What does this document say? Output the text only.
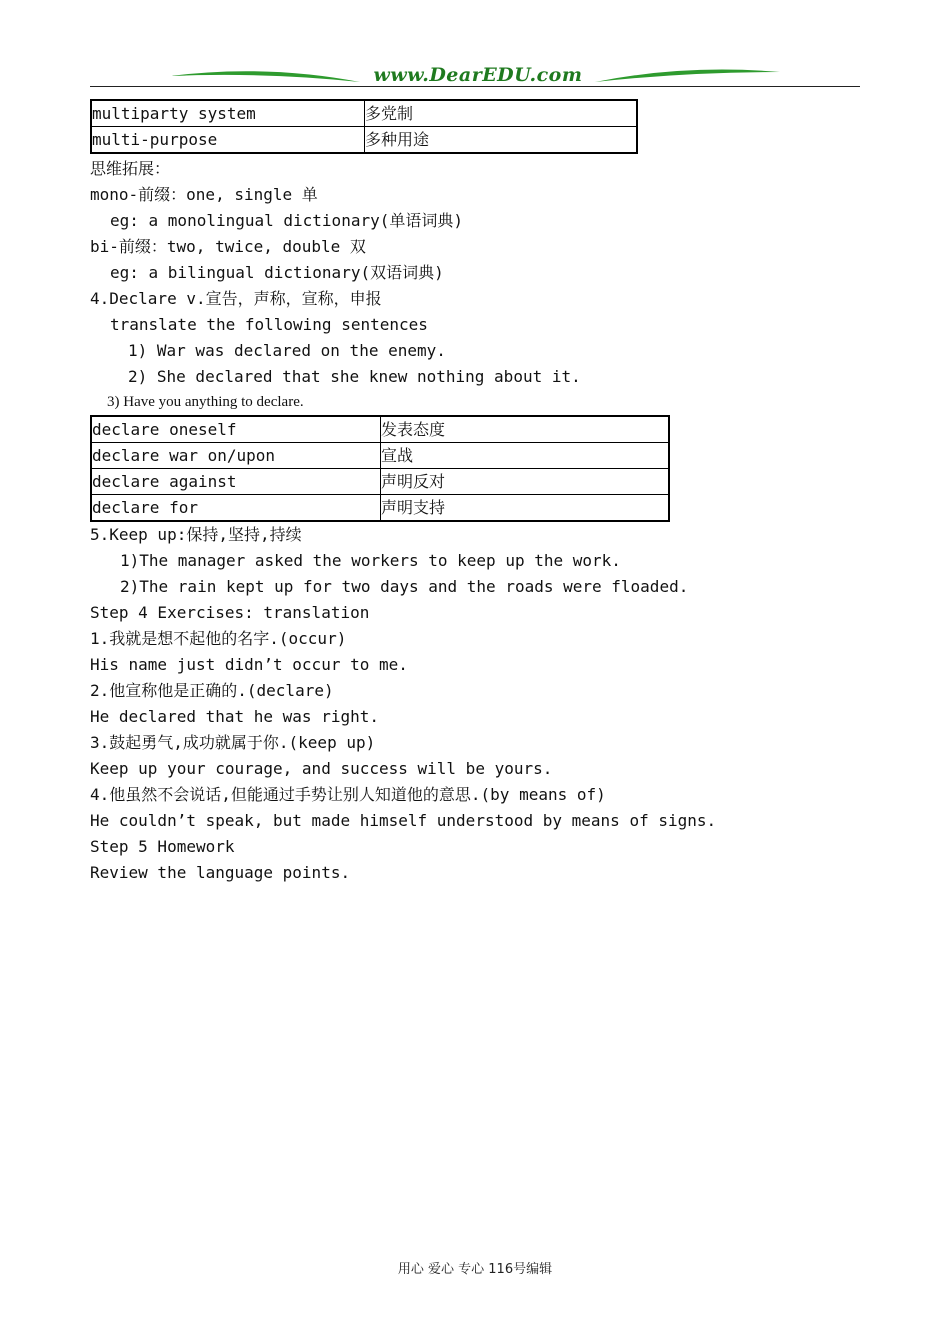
www.DearEDU.com
multiparty system	多党制
multi-purpose	多种用途
思维拓展：
mono-前缀：one, single 单
eg: a monolingual dictionary(单语词典)
bi-前缀：two, twice, double 双
eg: a bilingual dictionary(双语词典)
4.Declare v.宣告，声称，宣称，申报
translate the following sentences
1) War was declared on the enemy.
2) She declared that she knew nothing about it.
3) Have you anything to declare.
declare oneself	发表态度
declare war on/upon	宣战
declare against	声明反对
declare for	声明支持
5.Keep up:保持,坚持,持续
1)The manager asked the workers to keep up the work.
2)The rain kept up for two days and the roads were floaded.
Step 4 Exercises: translation
1.我就是想不起他的名字.(occur)
His name just didn’t occur to me.
2.他宣称他是正确的.(declare)
He declared that he was right.
3.鼓起勇气,成功就属于你.(keep up)
Keep up your courage, and success will be yours.
4.他虽然不会说话,但能通过手势让别人知道他的意思.(by means of)
He couldn’t speak, but made himself understood by means of signs.
Step 5 Homework
Review the language points.
用心 爱心 专心 116号编辑
